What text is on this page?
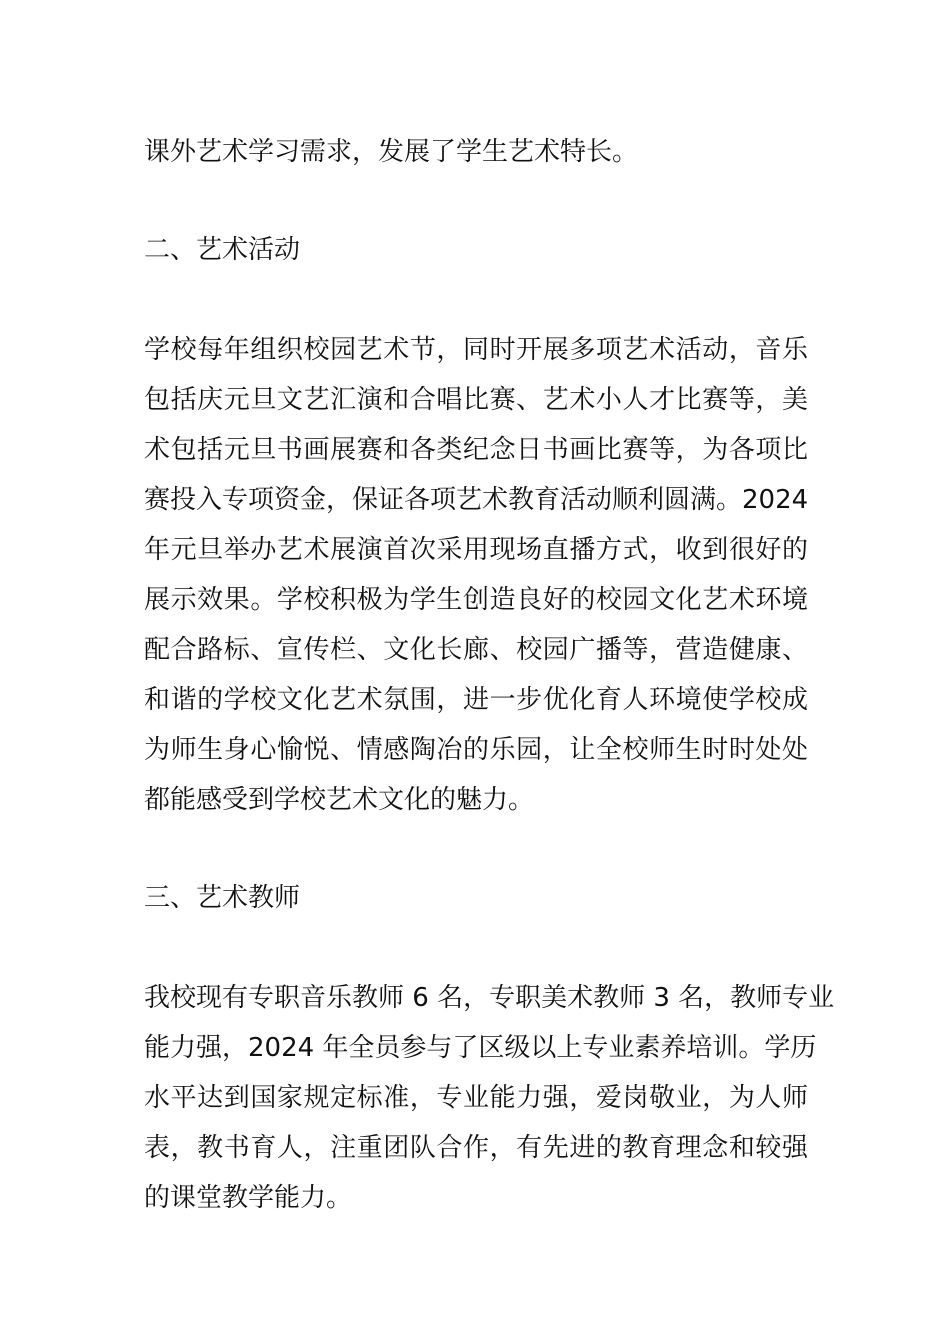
课外艺术学习需求，发展了学生艺术特长。
二、艺术活动
学校每年组织校园艺术节，同时开展多项艺术活动，音乐
包括庆元旦文艺汇演和合唱比赛、艺术小人才比赛等，美
术包括元旦书画展赛和各类纪念日书画比赛等，为各项比
赛投入专项资金，保证各项艺术教育活动顺利圆满。2024
年元旦举办艺术展演首次采用现场直播方式，收到很好的
展示效果。学校积极为学生创造良好的校园文化艺术环境
配合路标、宣传栏、文化长廊、校园广播等，营造健康、
和谐的学校文化艺术氛围，进一步优化育人环境使学校成
为师生身心愉悦、情感陶冶的乐园，让全校师生时时处处
都能感受到学校艺术文化的魅力。
三、艺术教师
我校现有专职音乐教师 6 名，专职美术教师 3 名，教师专业
能力强，2024 年全员参与了区级以上专业素养培训。学历
水平达到国家规定标准，专业能力强，爱岗敬业，为人师
表，教书育人，注重团队合作，有先进的教育理念和较强
的课堂教学能力。
